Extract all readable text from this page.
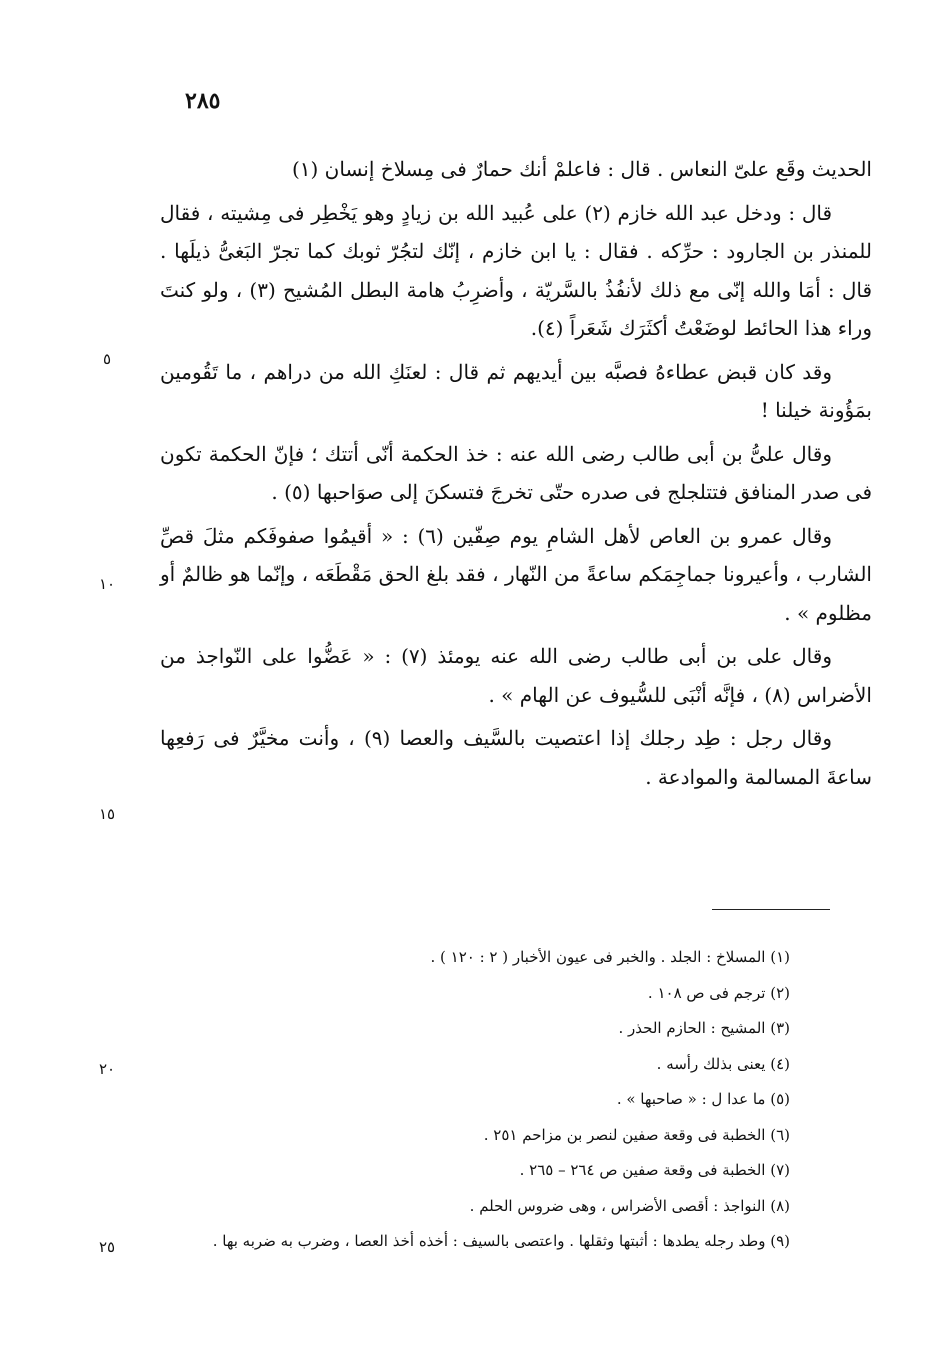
٢٨٥

الحديث وقَع علىّ النعاس . قال : فاعلمْ أنك حمارٌ فى مِسلاخ إنسان (١)

قال : ودخل عبد الله خازم (٢) على عُبيد الله بن زيادٍ وهو يَخْطِر فى مِشيته ، فقال للمنذر بن الجارود : حرِّكه . فقال : يا ابن خازم ، إنّك لتجُرّ ثوبك كما تجرّ البَغىُّ ذيلَها . قال : أمَا والله إنّى مع ذلك لأنفُذُ بالسَّريّة ، وأضرِبُ هامة البطل المُشيح (٣) ، ولو كنتَ وراء هذا الحائط لوضَعْتُ أكثَرَك شَعَراً (٤).

وقد كان قبض عطاءهُ فصبَّه بين أيديهم ثم قال : لعنَكِ الله من دراهم ، ما تَقُومين بمَؤُونة خيلنا !

وقال علىُّ بن أبى طالب رضى الله عنه : خذ الحكمة أنّى أتتك ؛ فإنّ الحكمة تكون فى صدر المنافق فتتلجلج فى صدره حتّى تخرجَ فتسكنَ إلى صوَاحبها (٥) .

وقال عمرو بن العاص لأهل الشامِ يوم صِفّين (٦) : « أقيمُوا صفوفَكم مثلَ قصِّ الشارب ، وأعيرونا جماجِمَكم ساعةً من النّهار ، فقد بلغ الحق مَقْطَعَه ، وإنّما هو ظالمٌ أو مظلوم » .

وقال على بن أبى طالب رضى الله عنه يومئذ (٧) : « عَضُّوا على النّواجذ من الأضراس (٨) ، فإنَّه أنْبَى للسُّيوف عن الهام » .

وقال رجل : طِد رجلك إذا اعتصيت بالسَّيف والعصا (٩) ، وأنت مخيَّرٌ فى رَفعِها ساعةَ المسالمة والموادعة .

٥
١٠
١٥
٢٠
٢٥
(١) المسلاخ : الجلد . والخبر فى عيون الأخبار ( ٢ : ١٢٠ ) .
(٢) ترجم فى ص ١٠٨ .
(٣) المشيح : الحازم الحذر .
(٤) يعنى بذلك رأسه .
(٥) ما عدا ل : « صاحبها » .
(٦) الخطبة فى وقعة صفين لنصر بن مزاحم ٢٥١ .
(٧) الخطبة فى وقعة صفين ص ٢٦٤ – ٢٦٥ .
(٨) النواجذ : أقصى الأضراس ، وهى ضروس الحلم .
(٩) وطد رجله يطدها : أثبتها وثقلها . واعتصى بالسيف : أخذه أخذ العصا ، وضرب به ضربه بها .
